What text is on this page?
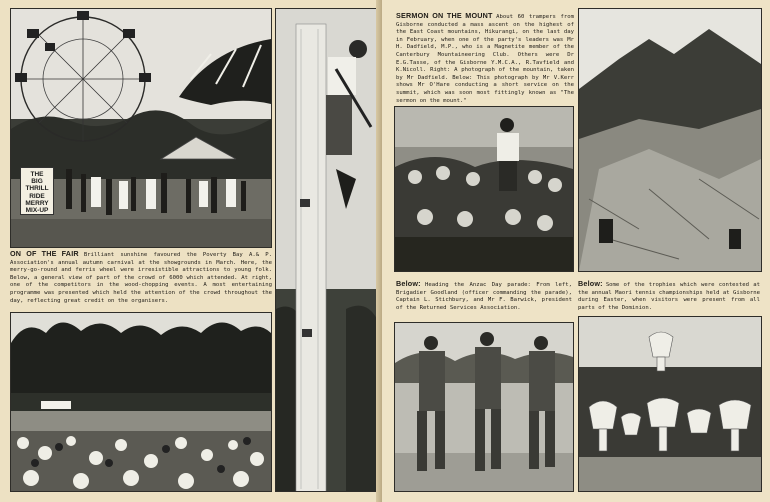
THE
BIG
THRILL
RIDE
MERRY
MIX-UP
ON OF THE FAIR Brilliant sunshine favoured the Poverty Bay A.& P. Association's annual autumn carnival at the showgrounds in March. Here, the merry-go-round and ferris wheel were irresistible attractions to young folk. Below, a general view of part of the crowd of 6000 which attended. At right, one of the competitors in the wood-chopping events. A most entertaining programme was presented which held the attention of the crowd throughout the day, reflecting great credit on the organisers.
SERMON ON THE MOUNT About 60 trampers from Gisborne conducted a mass ascent on the highest of the East Coast mountains, Hikurangi, on the last day in February, when one of the party's leaders was Mr H. Dadfield, M.P., who is a Magnetite member of the Canterbury Mountaineering Club. Others were Dr E.G.Tasse, of the Gisborne Y.M.C.A., R.Tavfield and K.Nicoll. Right: A photograph of the mountain, taken by Mr Dadfield. Below: This photograph by Mr V.Kerr shows Mr O'Hare conducting a short service on the summit, which was soon most fittingly known as "The sermon on the mount."
Below: Heading the Anzac Day parade: From left, Brigadier Goodland (officer commanding the parade), Captain L. Stichbury, and Mr F. Barwick, president of the Returned Services Association.
Below: Some of the trophies which were contested at the annual Maori tennis championships held at Gisborne during Easter, when visitors were present from all parts of the Dominion.
